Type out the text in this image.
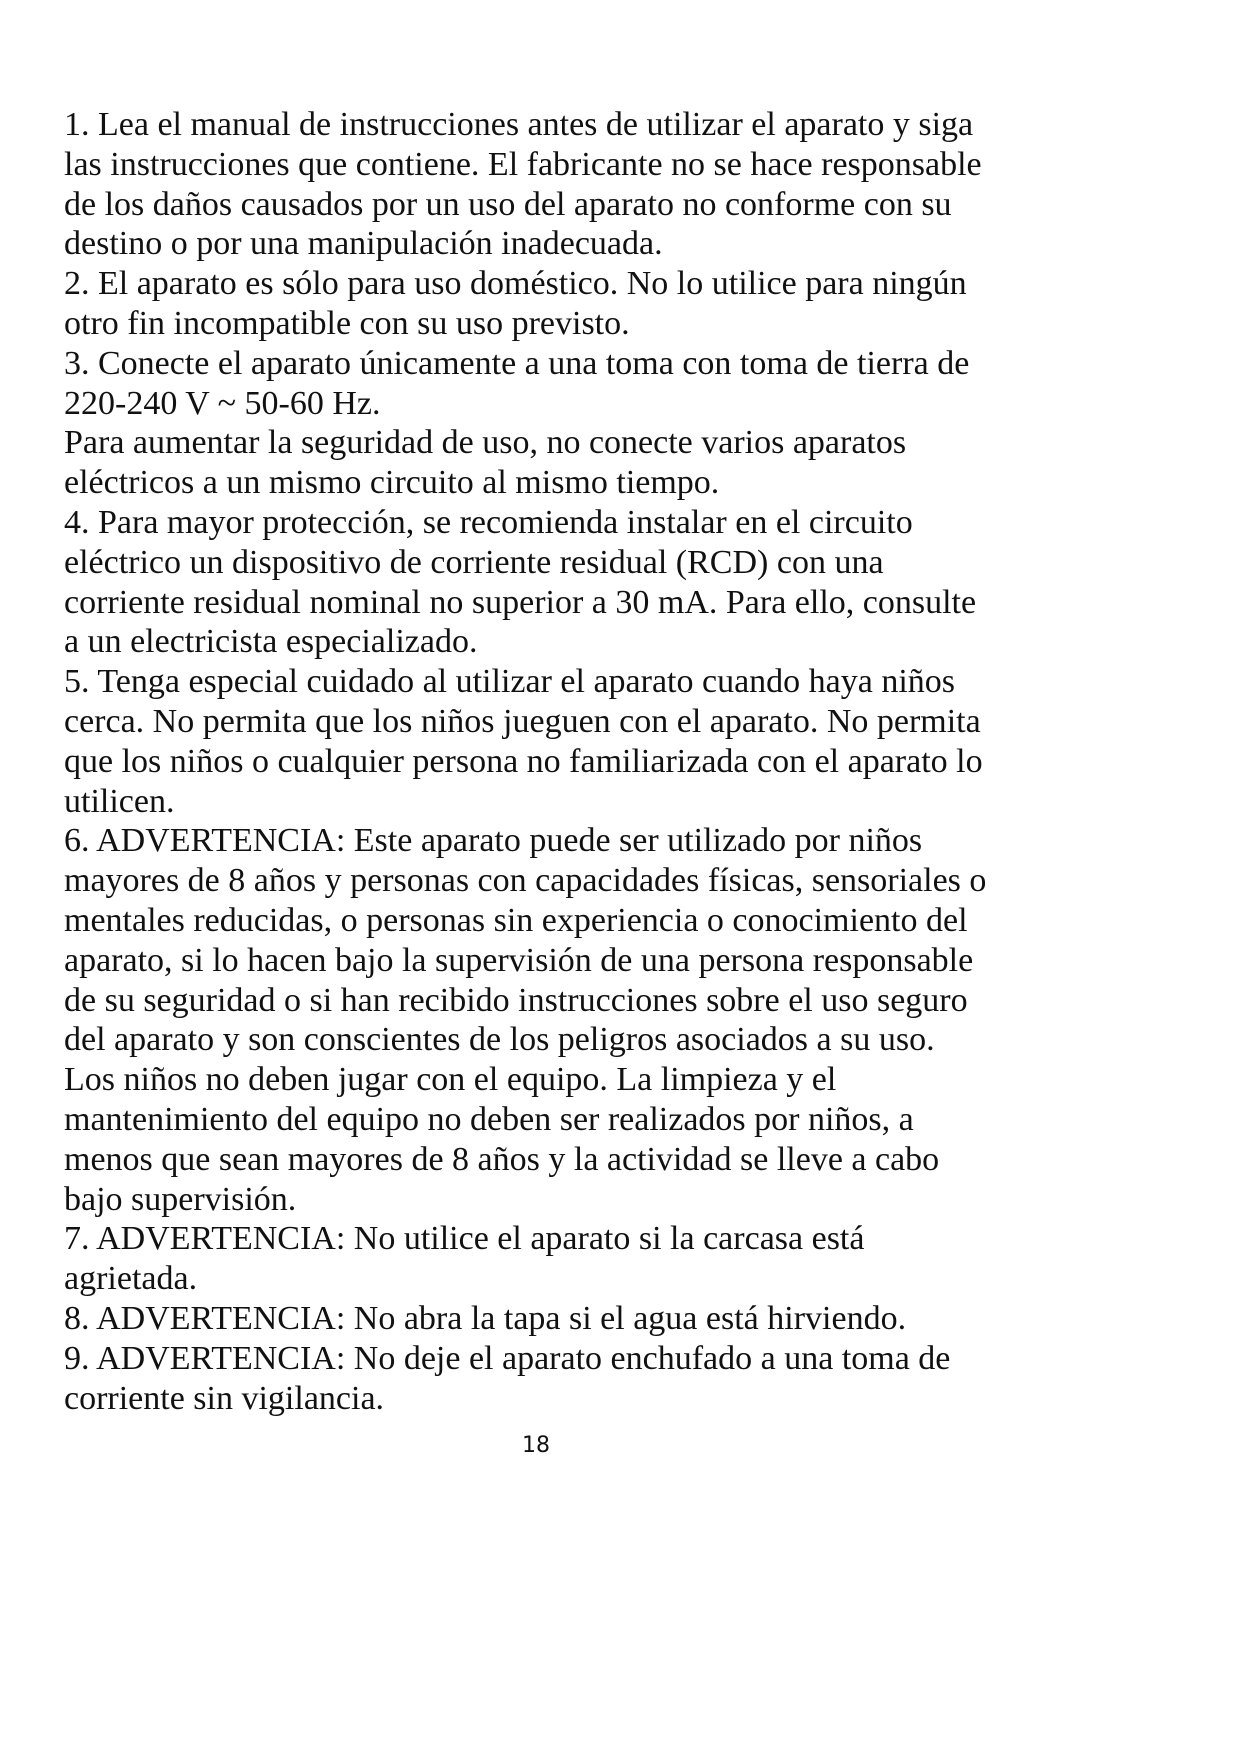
1. Lea el manual de instrucciones antes de utilizar el aparato y siga

las instrucciones que contiene. El fabricante no se hace responsable

de los daños causados por un uso del aparato no conforme con su

destino o por una manipulación inadecuada.

2. El aparato es sólo para uso doméstico. No lo utilice para ningún

otro fin incompatible con su uso previsto.

3. Conecte el aparato únicamente a una toma con toma de tierra de

220-240 V ~ 50-60 Hz.

Para aumentar la seguridad de uso, no conecte varios aparatos

eléctricos a un mismo circuito al mismo tiempo.

4. Para mayor protección, se recomienda instalar en el circuito

eléctrico un dispositivo de corriente residual (RCD) con una

corriente residual nominal no superior a 30 mA. Para ello, consulte

a un electricista especializado.

5. Tenga especial cuidado al utilizar el aparato cuando haya niños

cerca. No permita que los niños jueguen con el aparato. No permita

que los niños o cualquier persona no familiarizada con el aparato lo

utilicen.

6. ADVERTENCIA: Este aparato puede ser utilizado por niños

mayores de 8 años y personas con capacidades físicas, sensoriales o

mentales reducidas, o personas sin experiencia o conocimiento del

aparato, si lo hacen bajo la supervisión de una persona responsable

de su seguridad o si han recibido instrucciones sobre el uso seguro

del aparato y son conscientes de los peligros asociados a su uso.

Los niños no deben jugar con el equipo. La limpieza y el

mantenimiento del equipo no deben ser realizados por niños, a

menos que sean mayores de 8 años y la actividad se lleve a cabo

bajo supervisión.

7. ADVERTENCIA: No utilice el aparato si la carcasa está

agrietada.

8. ADVERTENCIA: No abra la tapa si el agua está hirviendo.

9. ADVERTENCIA: No deje el aparato enchufado a una toma de

corriente sin vigilancia.

18
